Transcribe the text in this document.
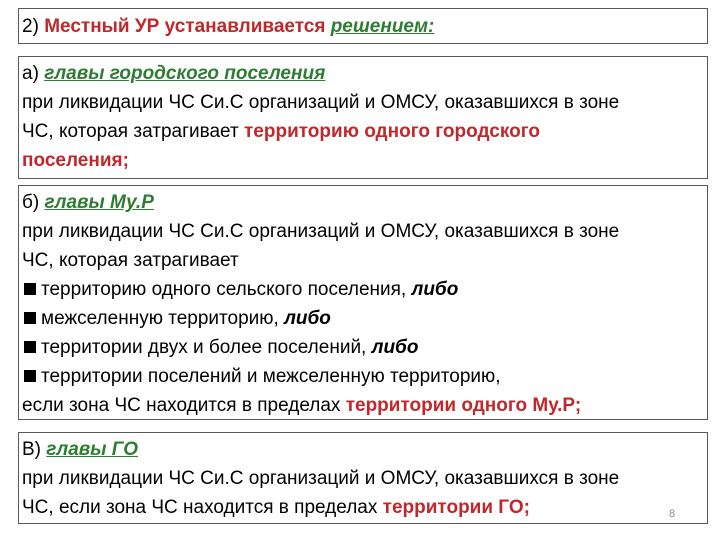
2) Местный УР устанавливается решением:
а) главы городского поселения
при ликвидации ЧС Си.С организаций и ОМСУ, оказавшихся в зоне
ЧС, которая затрагивает территорию одного городского
поселения;
б) главы Му.Р
при ликвидации ЧС Си.С организаций и ОМСУ, оказавшихся в зоне
ЧС, которая затрагивает
территорию одного сельского поселения, либо
межселенную территорию, либо
территории двух и более поселений, либо
территории поселений и межселенную территорию,
если зона ЧС находится в пределах территории одного Му.Р;
В) главы ГО
при ликвидации ЧС Си.С организаций и ОМСУ, оказавшихся в зоне
ЧС, если зона ЧС находится в пределах территории ГО;	8
